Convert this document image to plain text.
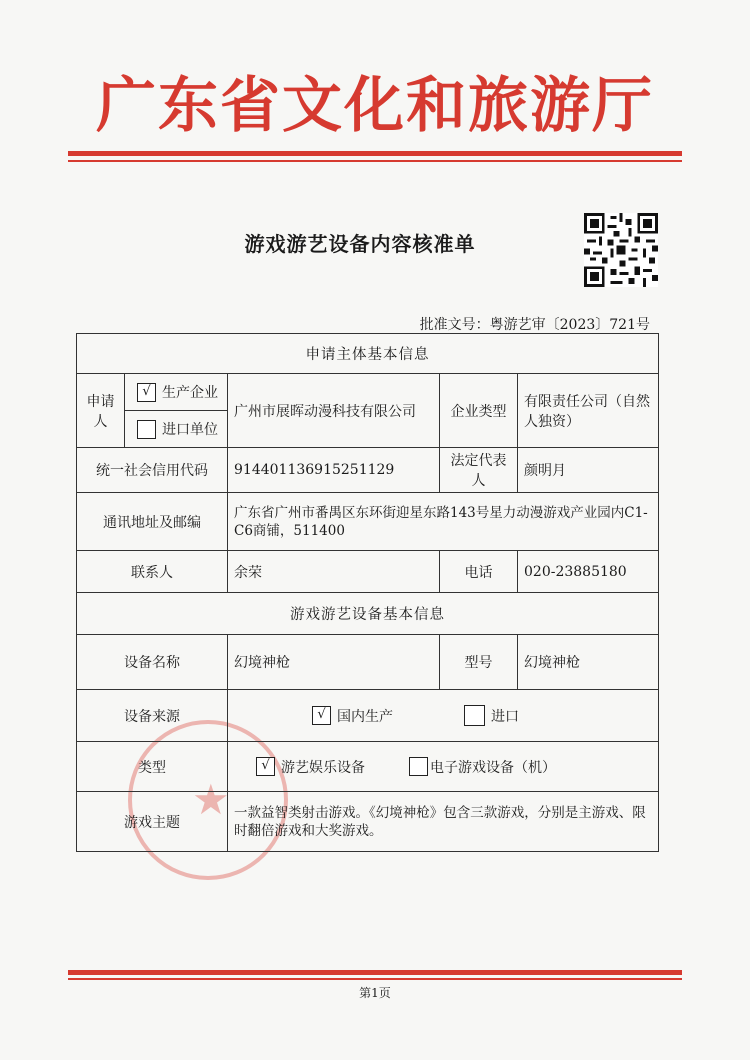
广东省文化和旅游厅
游戏游艺设备内容核准单
批准文号：粤游艺审〔2023〕721号
★
申请主体基本信息				
申请人	√ 生产企业	广州市展晖动漫科技有限公司	企业类型	有限责任公司（自然人独资）

	进口单位			

统一社会信用代码		914401136915251129	法定代表人	颜明月
通讯地址及邮编		广东省广州市番禺区东环街迎星东路143号星力动漫游戏产业园内C1-C6商铺，511400		
联系人		余荣	电话	020-23885180
游戏游艺设备基本信息				
设备名称		幻境神枪	型号	幻境神枪
设备来源		√ 国内生产 进口		

类型		√ 游艺娱乐设备 电子游戏设备（机）		

游戏主题		一款益智类射击游戏。《幻境神枪》包含三款游戏，分别是主游戏、限时翻倍游戏和大奖游戏。		
第1页
